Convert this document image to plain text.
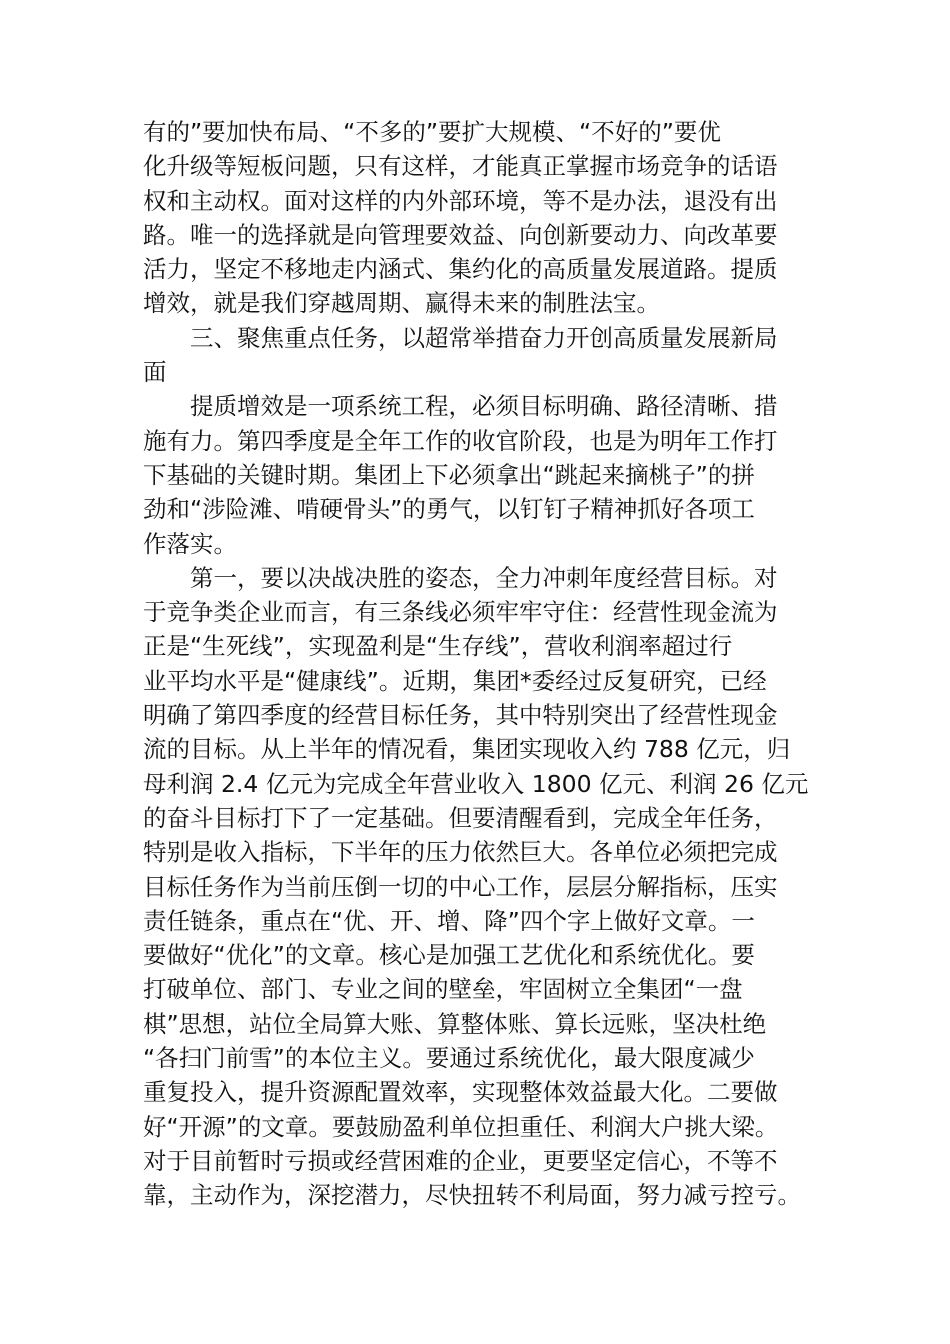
有的”要加快布局、“不多的”要扩大规模、“不好的”要优
化升级等短板问题，只有这样，才能真正掌握市场竞争的话语
权和主动权。面对这样的内外部环境，等不是办法，退没有出
路。唯一的选择就是向管理要效益、向创新要动力、向改革要
活力，坚定不移地走内涵式、集约化的高质量发展道路。提质
增效，就是我们穿越周期、赢得未来的制胜法宝。
　　三、聚焦重点任务，以超常举措奋力开创高质量发展新局
面
　　提质增效是一项系统工程，必须目标明确、路径清晰、措
施有力。第四季度是全年工作的收官阶段，也是为明年工作打
下基础的关键时期。集团上下必须拿出“跳起来摘桃子”的拼
劲和“涉险滩、啃硬骨头”的勇气，以钉钉子精神抓好各项工
作落实。
　　第一，要以决战决胜的姿态，全力冲刺年度经营目标。对
于竞争类企业而言，有三条线必须牢牢守住：经营性现金流为
正是“生死线”，实现盈利是“生存线”，营收利润率超过行
业平均水平是“健康线”。近期，集团*委经过反复研究，已经
明确了第四季度的经营目标任务，其中特别突出了经营性现金
流的目标。从上半年的情况看，集团实现收入约 788 亿元，归
母利润 2.4 亿元为完成全年营业收入 1800 亿元、利润 26 亿元
的奋斗目标打下了一定基础。但要清醒看到，完成全年任务，
特别是收入指标，下半年的压力依然巨大。各单位必须把完成
目标任务作为当前压倒一切的中心工作，层层分解指标，压实
责任链条，重点在“优、开、增、降”四个字上做好文章。一
要做好“优化”的文章。核心是加强工艺优化和系统优化。要
打破单位、部门、专业之间的壁垒，牢固树立全集团“一盘
棋”思想，站位全局算大账、算整体账、算长远账，坚决杜绝
“各扫门前雪”的本位主义。要通过系统优化，最大限度减少
重复投入，提升资源配置效率，实现整体效益最大化。二要做
好“开源”的文章。要鼓励盈利单位担重任、利润大户挑大梁。
对于目前暂时亏损或经营困难的企业，更要坚定信心，不等不
靠，主动作为，深挖潜力，尽快扭转不利局面，努力减亏控亏。
